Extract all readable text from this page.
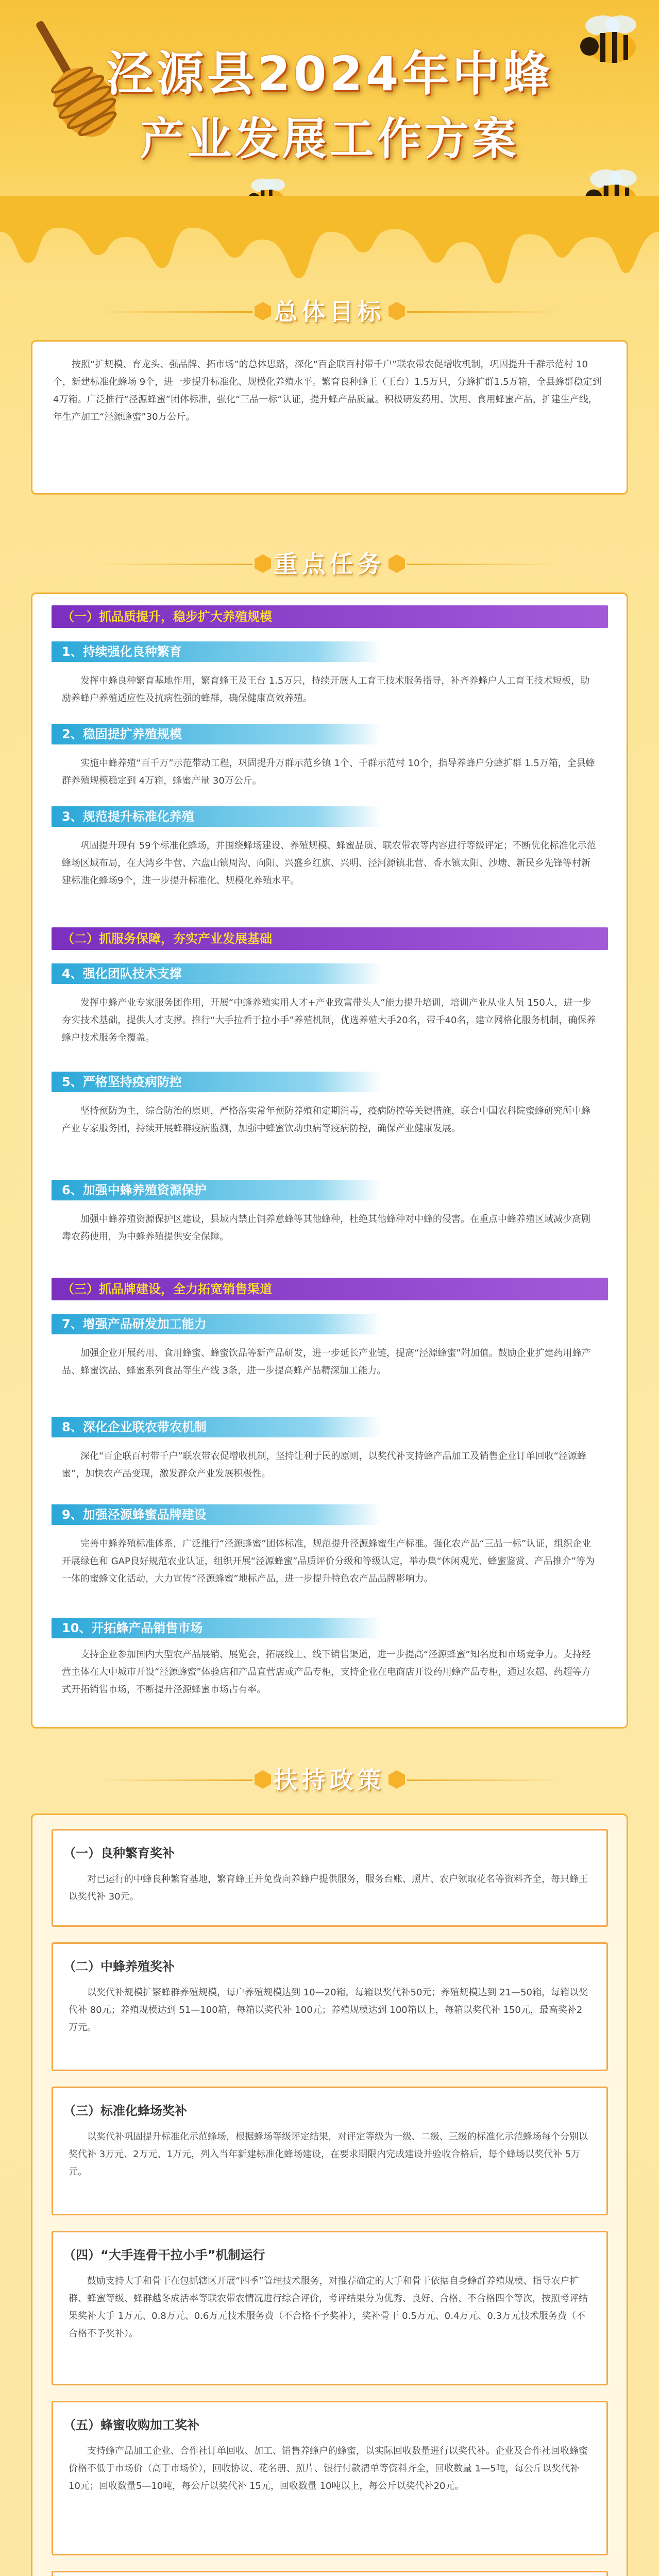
泾源县2024年中蜂
产业发展工作方案
总体目标
按照“扩规模、育龙头、强品牌、拓市场”的总体思路，深化“百企联百村带千户”联农带农促增收机制，巩固提升千群示范村 10个，新建标准化蜂场 9个，进一步提升标准化、规模化养殖水平。繁育良种蜂王（王台）1.5万只，分蜂扩群1.5万箱，全县蜂群稳定到 4万箱。广泛推行“泾源蜂蜜”团体标准，强化“三品一标”认证，提升蜂产品质量。积极研发药用、饮用、食用蜂蜜产品，扩建生产线，年生产加工“泾源蜂蜜”30万公斤。
重点任务
（一）抓品质提升，稳步扩大养殖规模
1、持续强化良种繁育
发挥中蜂良种繁育基地作用，繁育蜂王及王台 1.5万只，持续开展人工育王技术服务指导，补齐养蜂户人工育王技术短板，助励养蜂户养殖适应性及抗病性强的蜂群，确保健康高效养殖。
2、稳固提扩养殖规模
实施中蜂养殖“百千万”示范带动工程，巩固提升万群示范乡镇 1个、千群示范村 10个，指导养蜂户分蜂扩群 1.5万箱，全县蜂群养殖规模稳定到 4万箱，蜂蜜产量 30万公斤。
3、规范提升标准化养殖
巩固提升现有 59个标准化蜂场，并围绕蜂场建设、养殖规模、蜂蜜品质、联农带农等内容进行等级评定；不断优化标准化示范蜂场区域布局，在大湾乡牛营、六盘山镇周沟、向阳、兴盛乡红旗、兴明、泾河源镇北营、香水镇太阳、沙塘、新民乡先锋等村新建标准化蜂场9个，进一步提升标准化、规模化养殖水平。
（二）抓服务保障，夯实产业发展基础
4、强化团队技术支撑
发挥中蜂产业专家服务团作用，开展“中蜂养殖实用人才+产业致富带头人”能力提升培训，培训产业从业人员 150人，进一步夯实技术基础，提供人才支撑。推行“大手拉看于拉小手”养殖机制，优选养殖大手20名，带千40名，建立网格化服务机制，确保养蜂户技术服务全覆盖。
5、严格坚持疫病防控
坚持预防为主，综合防治的原则，严格落实常年预防养殖和定期消毒，疫病防控等关键措施，联合中国农科院蜜蜂研究所中蜂产业专家服务团，持续开展蜂群疫病监测，加强中蜂蜜饮动虫病等疫病防控，确保产业健康发展。
6、加强中蜂养殖资源保护
加强中蜂养殖资源保护区建设，县域内禁止饲养意蜂等其他蜂种，杜绝其他蜂种对中蜂的侵害。在重点中蜂养殖区域减少高剧毒农药使用，为中蜂养殖提供安全保障。
（三）抓品牌建设，全力拓宽销售渠道
7、增强产品研发加工能力
加强企业开展药用、食用蜂蜜、蜂蜜饮品等新产品研发，进一步延长产业链，提高“泾源蜂蜜”附加值。鼓励企业扩建药用蜂产品、蜂蜜饮品、蜂蜜系列食品等生产线 3条，进一步提高蜂产品精深加工能力。
8、深化企业联农带农机制
深化“百企联百村带千户”联农带农促增收机制，坚持让利于民的原则，以奖代补支持蜂产品加工及销售企业订单回收“泾源蜂蜜”，加快农产品变现，激发群众产业发展积极性。
9、加强泾源蜂蜜品牌建设
完善中蜂养殖标准体系，广泛推行“泾源蜂蜜”团体标准，规范提升泾源蜂蜜生产标准。强化农产品“三品一标”认证，组织企业开展绿色和 GAP良好规范农业认证，组织开展“泾源蜂蜜”品质评价分级和等级认定，举办集“休闲观光、蜂蜜鉴赏、产品推介”等为一体的蜜蜂文化活动，大力宣传“泾源蜂蜜”地标产品，进一步提升特色农产品品牌影响力。
10、开拓蜂产品销售市场
支持企业参加国内大型农产品展销、展览会，拓展线上、线下销售渠道，进一步提高“泾源蜂蜜”知名度和市场竞争力。支持经营主体在大中城市开设“泾源蜂蜜”体验店和产品直营店或产品专柜，支持企业在电商店开设药用蜂产品专柜，通过农超、药超等方式开拓销售市场，不断提升泾源蜂蜜市场占有率。
扶持政策
（一）良种繁育奖补
对已运行的中蜂良种繁育基地，繁育蜂王并免费向养蜂户提供服务，服务台账、照片、农户领取花名等资料齐全，每只蜂王以奖代补 30元。
（二）中蜂养殖奖补
以奖代补规模扩繁蜂群养殖规模，每户养殖规模达到 10—20箱，每箱以奖代补50元；养殖规模达到 21—50箱，每箱以奖代补 80元；养殖规模达到 51—100箱，每箱以奖代补 100元；养殖规模达到 100箱以上，每箱以奖代补 150元，最高奖补2万元。
（三）标准化蜂场奖补
以奖代补巩固提升标准化示范蜂场，根据蜂场等级评定结果，对评定等级为一级、二级、三级的标准化示范蜂场每个分别以奖代补 3万元、2万元、1万元，列入当年新建标准化蜂场建设，在要求期限内完成建设并验收合格后，每个蜂场以奖代补 5万元。
（四）“大手连骨干拉小手”机制运行
鼓励支持大手和骨干在包抓辖区开展“四季”管理技术服务，对推荐确定的大手和骨干依据自身蜂群养殖规模、指导农户扩群、蜂蜜等级、蜂群越冬成活率等联农带农情况进行综合评价，考评结果分为优秀、良好、合格、不合格四个等次，按照考评结果奖补大手 1万元、0.8万元、0.6万元技术服务费（不合格不予奖补），奖补骨干 0.5万元、0.4万元、0.3万元技术服务费（不合格不予奖补）。
（五）蜂蜜收购加工奖补
支持蜂产品加工企业、合作社订单回收、加工、销售养蜂户的蜂蜜，以实际回收数量进行以奖代补。企业及合作社回收蜂蜜价格不低于市场价（高于市场价），回收协议、花名册、照片、银行付款清单等资料齐全，回收数量 1—5吨，每公斤以奖代补 10元；回收数量5—10吨，每公斤以奖代补 15元，回收数量 10吨以上，每公斤以奖代补20元。
